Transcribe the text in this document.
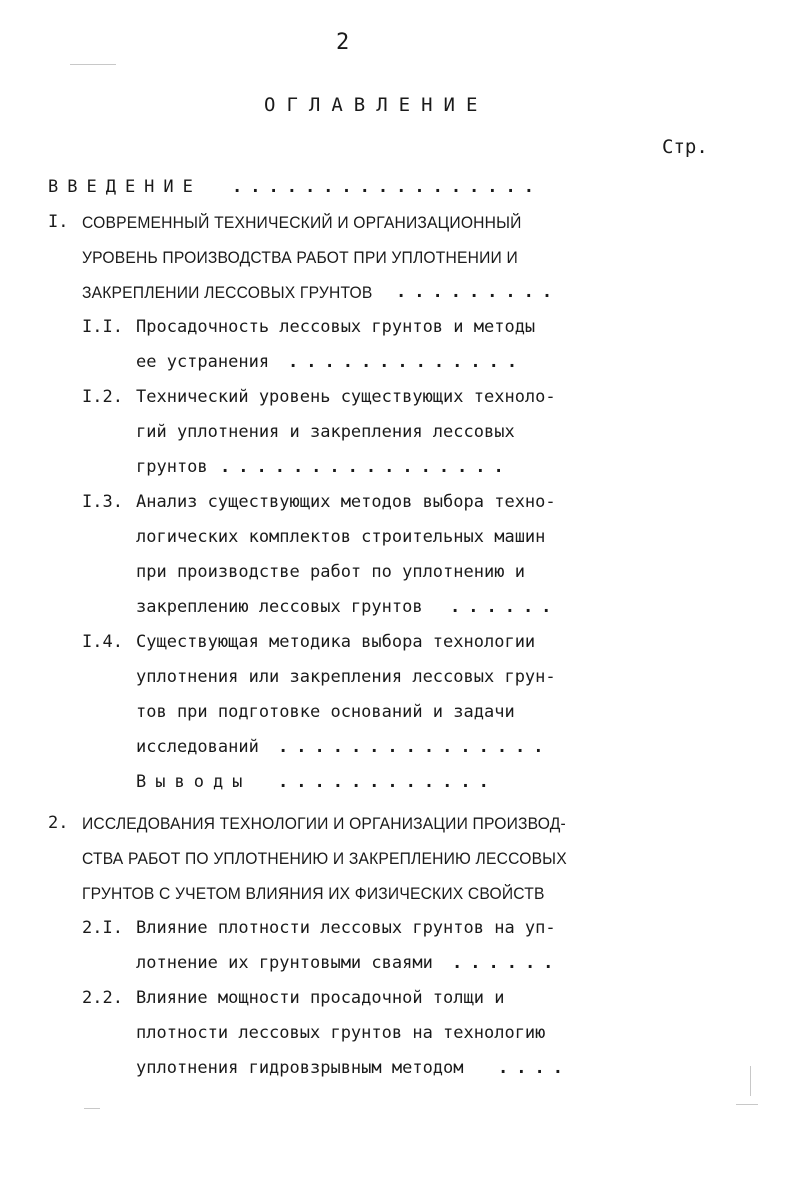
2
ОГЛАВЛЕНИЕ
Стр.
ВВЕДЕНИЕ .................
I. СОВРЕМЕННЫЙ ТЕХНИЧЕСКИЙ И ОРГАНИЗАЦИОННЫЙ
УРОВЕНЬ ПРОИЗВОДСТВА РАБОТ ПРИ УПЛОТНЕНИИ И
ЗАКРЕПЛЕНИИ ЛЕССОВЫХ ГРУНТОВ .........
I.I. Просадочность лессовых грунтов и методы
ее устранения .............
I.2. Технический уровень существующих техноло-
гий уплотнения и закрепления лессовых
грунтов ................
I.3. Анализ существующих методов выбора техно-
логических комплектов строительных машин
при производстве работ по уплотнению и
закреплению лессовых грунтов ......
I.4. Существующая методика выбора технологии
уплотнения или закрепления лессовых грун-
тов при подготовке оснований и задачи
исследований ...............
Выводы ............
2. ИССЛЕДОВАНИЯ ТЕХНОЛОГИИ И ОРГАНИЗАЦИИ ПРОИЗВОД-
СТВА РАБОТ ПО УПЛОТНЕНИЮ И ЗАКРЕПЛЕНИЮ ЛЕССОВЫХ
ГРУНТОВ С УЧЕТОМ ВЛИЯНИЯ ИХ ФИЗИЧЕСКИХ СВОЙСТВ
2.I. Влияние плотности лессовых грунтов на уп-
лотнение их грунтовыми сваями ......
2.2. Влияние мощности просадочной толщи и
плотности лессовых грунтов на технологию
уплотнения гидровзрывным методом ....
